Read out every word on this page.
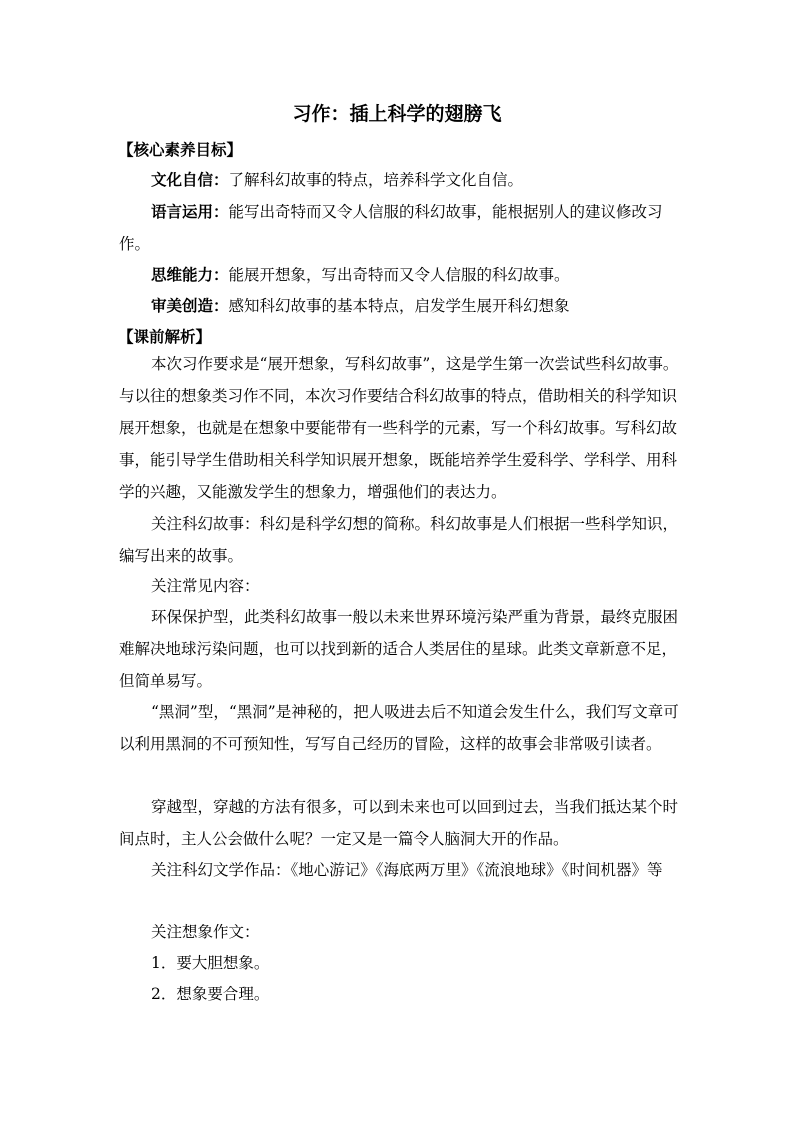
习作：插上科学的翅膀飞
【核心素养目标】

文化自信：了解科幻故事的特点，培养科学文化自信。

语言运用：能写出奇特而又令人信服的科幻故事，能根据别人的建议修改习作。

思维能力：能展开想象，写出奇特而又令人信服的科幻故事。

审美创造：感知科幻故事的基本特点，启发学生展开科幻想象

【课前解析】

本次习作要求是“展开想象，写科幻故事”，这是学生第一次尝试些科幻故事。与以往的想象类习作不同，本次习作要结合科幻故事的特点，借助相关的科学知识展开想象，也就是在想象中要能带有一些科学的元素，写一个科幻故事。写科幻故事，能引导学生借助相关科学知识展开想象，既能培养学生爱科学、学科学、用科学的兴趣，又能激发学生的想象力，增强他们的表达力。

关注科幻故事：科幻是科学幻想的简称。科幻故事是人们根据一些科学知识，编写出来的故事。

关注常见内容：

环保保护型，此类科幻故事一般以未来世界环境污染严重为背景，最终克服困难解决地球污染问题，也可以找到新的适合人类居住的星球。此类文章新意不足，但简单易写。

“黑洞”型，“黑洞”是神秘的，把人吸进去后不知道会发生什么，我们写文章可以利用黑洞的不可预知性，写写自己经历的冒险，这样的故事会非常吸引读者。

穿越型，穿越的方法有很多，可以到未来也可以回到过去，当我们抵达某个时间点时，主人公会做什么呢？一定又是一篇令人脑洞大开的作品。

关注科幻文学作品：《地心游记》《海底两万里》《流浪地球》《时间机器》等

关注想象作文：

1．要大胆想象。
2．想象要合理。
